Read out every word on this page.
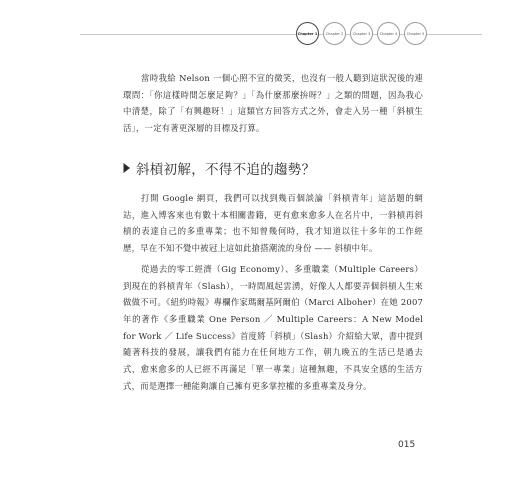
Chapter 1	Chapter 2	Chapter 3	Chapter 4	Chapter 5

當時我給 Nelson 一個心照不宣的微笑，也沒有一般人聽到這狀況後的連環問：「你這樣時間怎麼足夠？」「為什麼那麼拚呀？」之類的問題，因為我心中清楚，除了「有興趣呀！」這類官方回答方式之外，會走入另一種「斜槓生活」，一定有著更深層的目標及打算。

斜槓初解，不得不追的趨勢？

打開 Google 網頁，我們可以找到幾百個談論「斜槓青年」這話題的網站，進入博客來也有數十本相關書籍，更有愈來愈多人在名片中，一斜槓再斜槓的表達自己的多重專業；也不知曾幾何時，我才知道以往十多年的工作經歷，早在不知不覺中被冠上這如此搶搭潮流的身份 —— 斜槓中年。

從過去的零工經濟（Gig Economy）、多重職業（Multiple Careers）到現在的斜槓青年（Slash），一時間風起雲湧，好像人人都要弄個斜槓人生來做做不可。《紐約時報》專欄作家瑪爾基阿爾伯（Marci Alboher）在她 2007 年的著作《多重職業 One Person ／ Multiple Careers：A New Model for Work ／ Life Success》首度將「斜槓」（Slash）介紹給大眾，書中提到隨著科技的發展，讓我們有能力在任何地方工作，朝九晚五的生活已是過去式，愈來愈多的人已經不再滿足「單一專業」這種無趣，不具安全感的生活方式，而是選擇一種能夠讓自己擁有更多掌控權的多重專業及身分。

015
